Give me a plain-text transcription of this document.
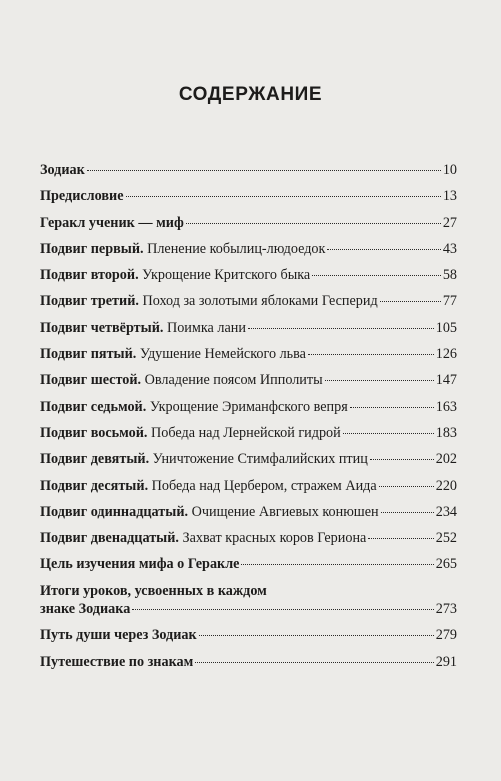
СОДЕРЖАНИЕ
Зодиак	10
Предисловие	13
Геракл ученик — миф	27
Подвиг первый. Пленение кобылиц-людоедок	43
Подвиг второй. Укрощение Критского быка	58
Подвиг третий. Поход за золотыми яблоками Гесперид	77
Подвиг четвёртый. Поимка лани	105
Подвиг пятый. Удушение Немейского льва	126
Подвиг шестой. Овладение поясом Ипполиты	147
Подвиг седьмой. Укрощение Эриманфского вепря	163
Подвиг восьмой. Победа над Лернейской гидрой	183
Подвиг девятый. Уничтожение Стимфалийских птиц	202
Подвиг десятый. Победа над Цербером, стражем Аида	220
Подвиг одиннадцатый. Очищение Авгиевых конюшен	234
Подвиг двенадцатый. Захват красных коров Гериона	252
Цель изучения мифа о Геракле	265
Итоги уроков, усвоенных в каждом
знаке Зодиака	273
Путь души через Зодиак	279
Путешествие по знакам	291
